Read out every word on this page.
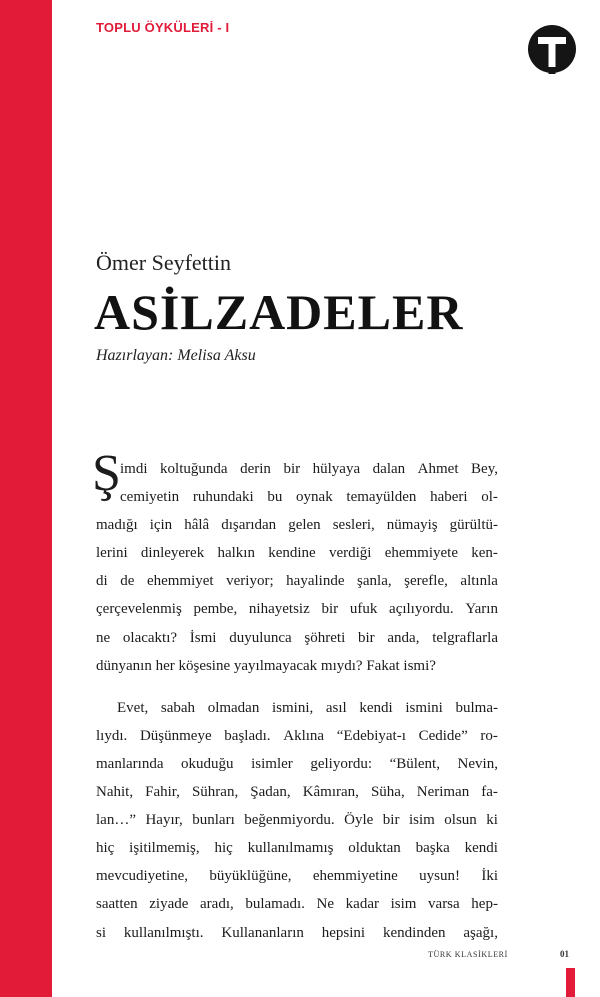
TOPLU ÖYKÜLERİ - I
Ömer Seyfettin
ASİLZADELER
Hazırlayan: Melisa Aksu
Ş imdi koltuğunda derin bir hülyaya dalan Ahmet Bey,
cemiyetin ruhundaki bu oynak temayülden haberi ol-
madığı için hâlâ dışarıdan gelen sesleri, nümayiş gürültü-
lerini dinleyerek halkın kendine verdiği ehemmiyete ken-
di de ehemmiyet veriyor; hayalinde şanla, şerefle, altınla
çerçevelenmiş pembe, nihayetsiz bir ufuk açılıyordu. Yarın
ne olacaktı? İsmi duyulunca şöhreti bir anda, telgraflarla
dünyanın her köşesine yayılmayacak mıydı? Fakat ismi?
Evet, sabah olmadan ismini, asıl kendi ismini bulma-
lıydı. Düşünmeye başladı. Aklına “Edebiyat-ı Cedide” ro-
manlarında okuduğu isimler geliyordu: “Bülent, Nevin,
Nahit, Fahir, Sühran, Şadan, Kâmıran, Süha, Neriman fa-
lan…” Hayır, bunları beğenmiyordu. Öyle bir isim olsun ki
hiç işitilmemiş, hiç kullanılmamış olduktan başka kendi
mevcudiyetine, büyüklüğüne, ehemmiyetine uysun! İki
saatten ziyade aradı, bulamadı. Ne kadar isim varsa hep-
si kullanılmıştı. Kullananların hepsini kendinden aşağı,
TÜRK KLASİKLERİ	01
